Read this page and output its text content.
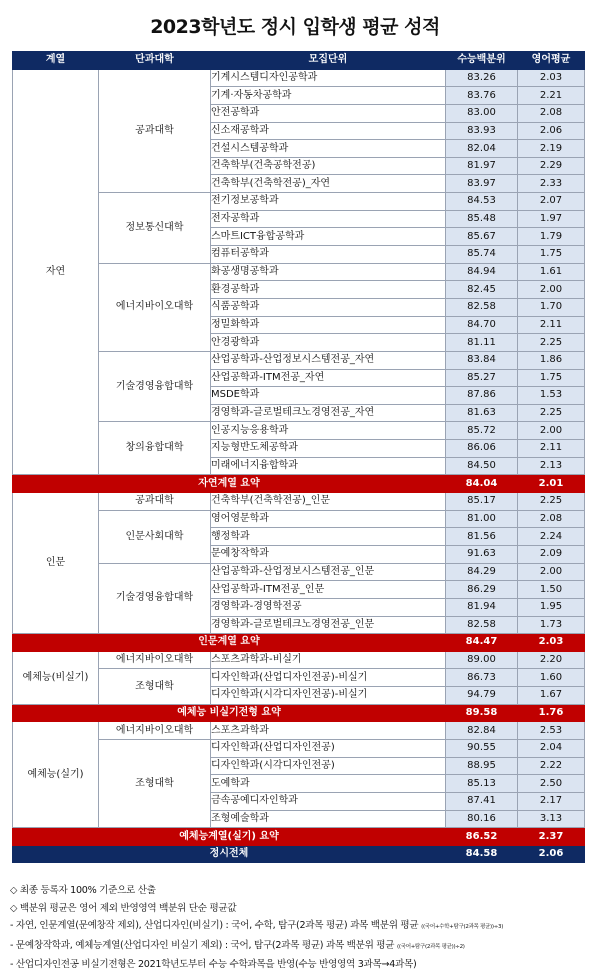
2023학년도 정시 입학생 평균 성적
계열	단과대학	모집단위	수능백분위	영어평균
자연	공과대학	기계시스템디자인공학과	83.26	2.03
		기계·자동차공학과	83.76	2.21
		안전공학과	83.00	2.08
		신소재공학과	83.93	2.06
		건설시스템공학과	82.04	2.19
		건축학부(건축공학전공)	81.97	2.29
		건축학부(건축학전공)_자연	83.97	2.33
	정보통신대학	전기정보공학과	84.53	2.07
		전자공학과	85.48	1.97
		스마트ICT융합공학과	85.67	1.79
		컴퓨터공학과	85.74	1.75
	에너지바이오대학	화공생명공학과	84.94	1.61
		환경공학과	82.45	2.00
		식품공학과	82.58	1.70
		정밀화학과	84.70	2.11
		안경광학과	81.11	2.25
	기술경영융합대학	산업공학과-산업정보시스템전공_자연	83.84	1.86
		산업공학과-ITM전공_자연	85.27	1.75
		MSDE학과	87.86	1.53
		경영학과-글로벌테크노경영전공_자연	81.63	2.25
	창의융합대학	인공지능응용학과	85.72	2.00
		지능형반도체공학과	86.06	2.11
		미래에너지융합학과	84.50	2.13
자연계열 요약			84.04	2.01
인문	공과대학	건축학부(건축학전공)_인문	85.17	2.25
	인문사회대학	영어영문학과	81.00	2.08
		행정학과	81.56	2.24
		문예창작학과	91.63	2.09
	기술경영융합대학	산업공학과-산업정보시스템전공_인문	84.29	2.00
		산업공학과-ITM전공_인문	86.29	1.50
		경영학과-경영학전공	81.94	1.95
		경영학과-글로벌테크노경영전공_인문	82.58	1.73
인문계열 요약			84.47	2.03
예체능(비실기)	에너지바이오대학	스포츠과학과-비실기	89.00	2.20
	조형대학	디자인학과(산업디자인전공)-비실기	86.73	1.60
		디자인학과(시각디자인전공)-비실기	94.79	1.67
예체능 비실기전형 요약			89.58	1.76
예체능(실기)	에너지바이오대학	스포츠과학과	82.84	2.53
	조형대학	디자인학과(산업디자인전공)	90.55	2.04
		디자인학과(시각디자인전공)	88.95	2.22
		도예학과	85.13	2.50
		금속공예디자인학과	87.41	2.17
		조형예술학과	80.16	3.13
예체능계열(실기) 요약			86.52	2.37
정시전체			84.58	2.06
◇ 최종 등록자 100% 기준으로 산출
◇ 백분위 평균은 영어 제외 반영영역 백분위 단순 평균값
- 자연, 인문계열(문예창작 제외), 산업디자인(비실기) : 국어, 수학, 탐구(2과목 평균) 과목 백분위 평균 ((국어+수학+탐구(2과목 평균))÷3)
- 문예창작학과, 예체능계열(산업디자인 비실기 제외) : 국어, 탐구(2과목 평균) 과목 백분위 평균 ((국어+탐구(2과목 평균))÷2)
- 산업디자인전공 비실기전형은 2021학년도부터 수능 수학과목을 반영(수능 반영영역 3과목→4과목)
